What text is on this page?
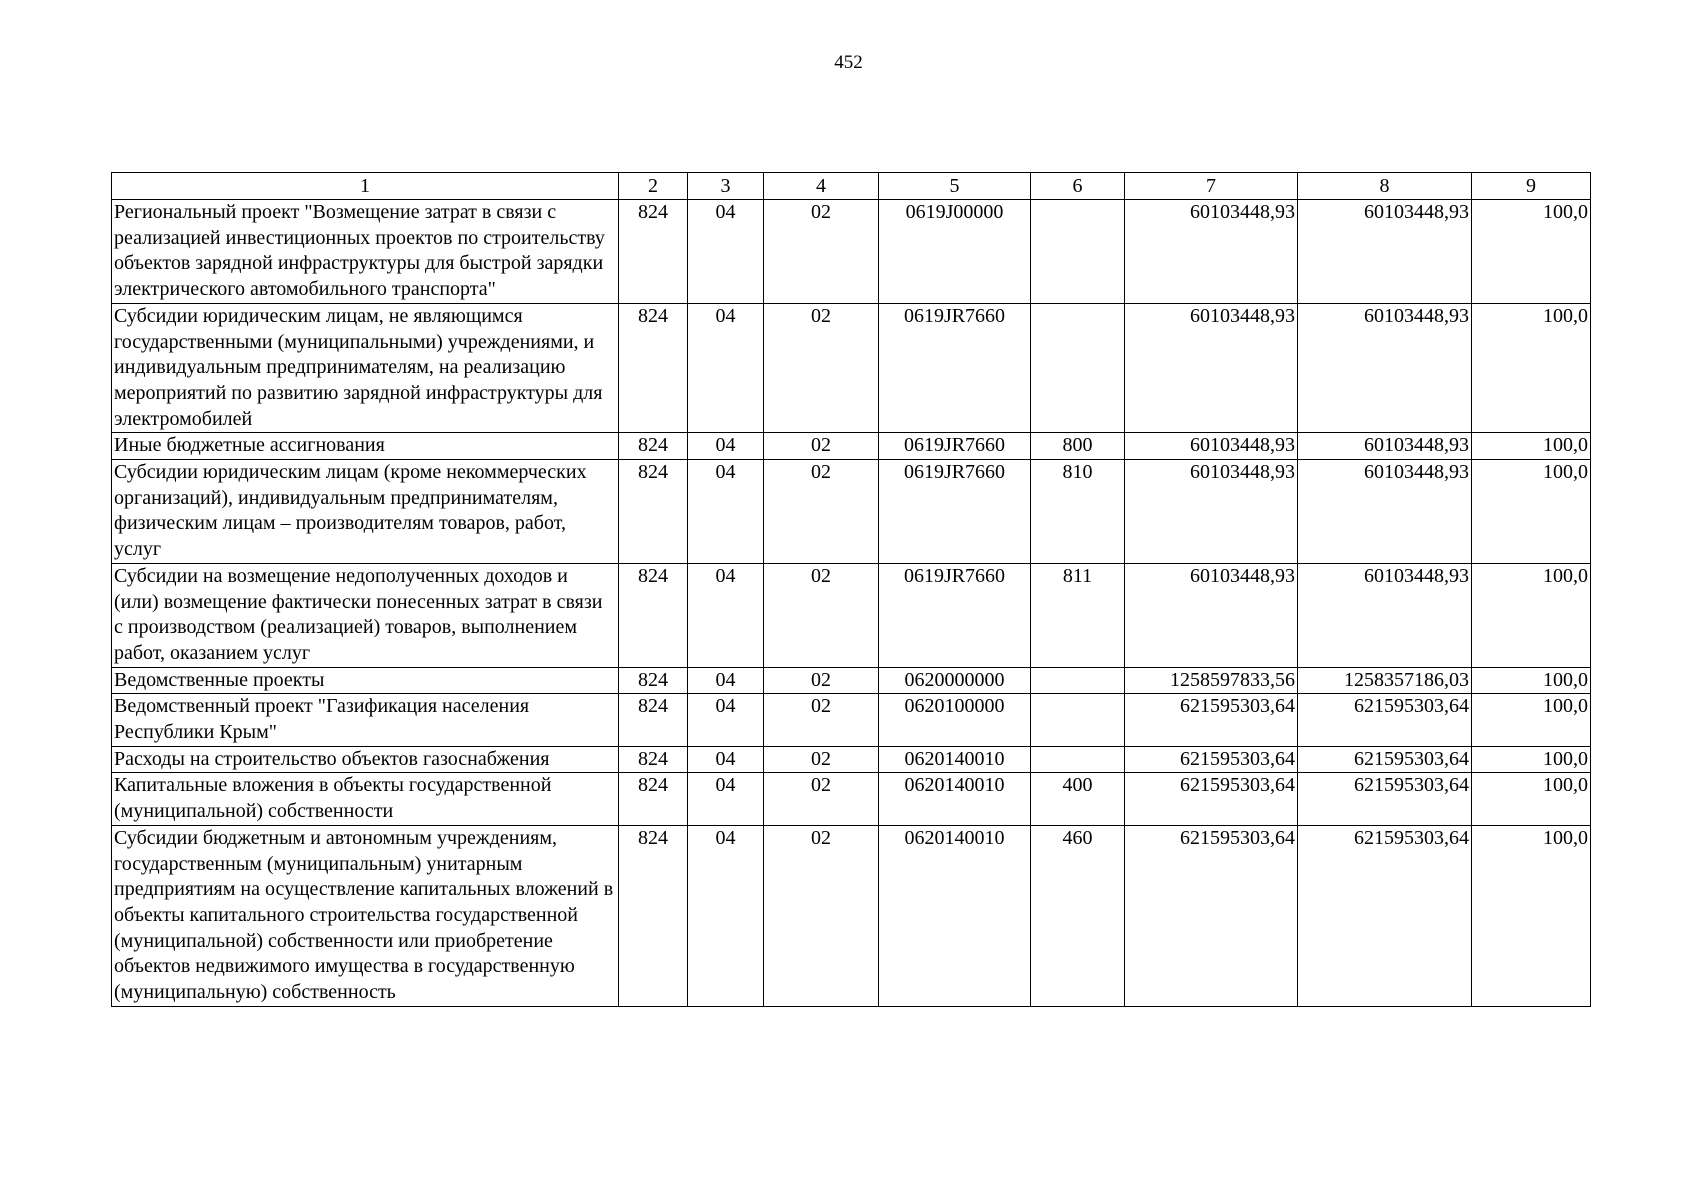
452
1	2	3	4	5	6	7	8	9
Региональный проект "Возмещение затрат в связи с реализацией инвестиционных проектов по строительству объектов зарядной инфраструктуры для быстрой зарядки электрического автомобильного транспорта"	824	04	02	0619J00000		60103448,93	60103448,93	100,0
Субсидии юридическим лицам, не являющимся государственными (муниципальными) учреждениями, и индивидуальным предпринимателям, на реализацию мероприятий по развитию зарядной инфраструктуры для электромобилей	824	04	02	0619JR7660		60103448,93	60103448,93	100,0
Иные бюджетные ассигнования	824	04	02	0619JR7660	800	60103448,93	60103448,93	100,0
Субсидии юридическим лицам (кроме некоммерческих организаций), индивидуальным предпринимателям, физическим лицам – производителям товаров, работ, услуг	824	04	02	0619JR7660	810	60103448,93	60103448,93	100,0
Субсидии на возмещение недополученных доходов и (или) возмещение фактически понесенных затрат в связи с производством (реализацией) товаров, выполнением работ, оказанием услуг	824	04	02	0619JR7660	811	60103448,93	60103448,93	100,0
Ведомственные проекты	824	04	02	0620000000		1258597833,56	1258357186,03	100,0
Ведомственный проект "Газификация населения Республики Крым"	824	04	02	0620100000		621595303,64	621595303,64	100,0
Расходы на строительство объектов газоснабжения	824	04	02	0620140010		621595303,64	621595303,64	100,0
Капитальные вложения в объекты государственной (муниципальной) собственности	824	04	02	0620140010	400	621595303,64	621595303,64	100,0
Субсидии бюджетным и автономным учреждениям, государственным (муниципальным) унитарным предприятиям на осуществление капитальных вложений в объекты капитального строительства государственной (муниципальной) собственности или приобретение объектов недвижимого имущества в государственную (муниципальную) собственность	824	04	02	0620140010	460	621595303,64	621595303,64	100,0
